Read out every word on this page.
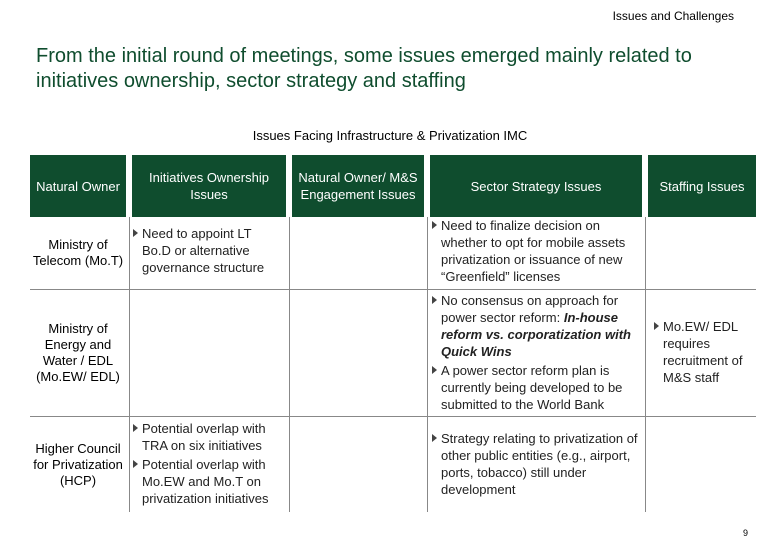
Issues and Challenges
From the initial round of meetings, some issues emerged mainly related to initiatives ownership, sector strategy and staffing
Issues Facing Infrastructure & Privatization IMC
Natural Owner
Initiatives Ownership Issues
Natural Owner/ M&S Engagement Issues
Sector Strategy Issues	Staffing Issues
Ministry of Telecom (Mo.T)
Need to appoint LT Bo.D or alternative governance structure
Need to finalize decision on whether to opt for mobile assets privatization or issuance of new “Greenfield” licenses
Ministry of Energy and Water / EDL (Mo.EW/ EDL)
No consensus on approach for power sector reform: In-house reform vs. corporatization with Quick Wins
A power sector reform plan is currently being developed to be submitted to the World Bank
Mo.EW/ EDL requires recruitment of M&S staff
Higher Council for Privatization (HCP)
Potential overlap with TRA on six initiatives
Potential overlap with Mo.EW and Mo.T on privatization initiatives
Strategy relating to privatization of other public entities (e.g., airport, ports, tobacco) still under development
9
